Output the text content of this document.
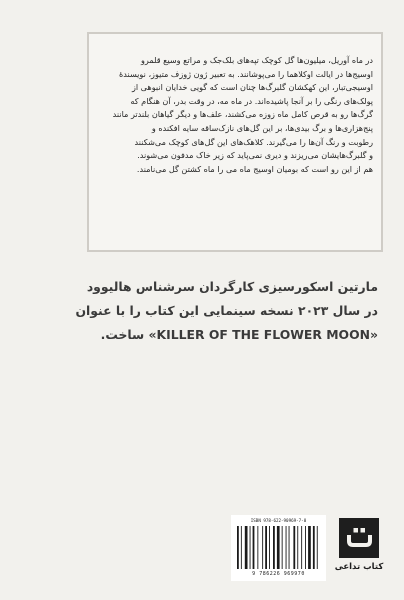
در ماه آوریل، میلیون‌ها گل کوچک تپه‌های بلک‌جک و مراتع وسیع قلمرو
اوسیج‌ها در ایالت اوکلاهما را می‌پوشانند. به تعبیر ژون ژوزف متیوز، نویسندهٔ
اوسیجی‌تبار، این کهکشان گلبرگ‌ها چنان است که گویی خدایان انبوهی از
پولک‌های رنگی را بر آنجا پاشیده‌اند. در ماه مه، در وقت بدر، آن هنگام که
گرگ‌ها رو به قرص کامل ماه زوزه می‌کشند، علف‌ها و دیگر گیاهان بلندتر مانند
پنج‌هزاری‌ها و برگ بیدی‌ها، بر این گل‌های نازک‌ساقه سایه افکنده و
رطوبت و رنگ آن‌ها را می‌گیرند. کلاهک‌های این گل‌های کوچک می‌شکنند
و گلبرگ‌هایشان می‌ریزند و دیری نمی‌پاید که زیر خاک مدفون می‌شوند.
هم از این رو است که بومیان اوسیج ماه می را ماه کشتن گل می‌نامند.
مارتین اسکورسیزی کارگردان سرشناس هالیوود
در سال ۲۰۲۳ نسخه سینمایی این کتاب را با عنوان
«KILLER OF THE FLOWER MOON» ساخت.
ISBN 978-622-90969-7-0
9 786226 969970
کتاب تداعی
